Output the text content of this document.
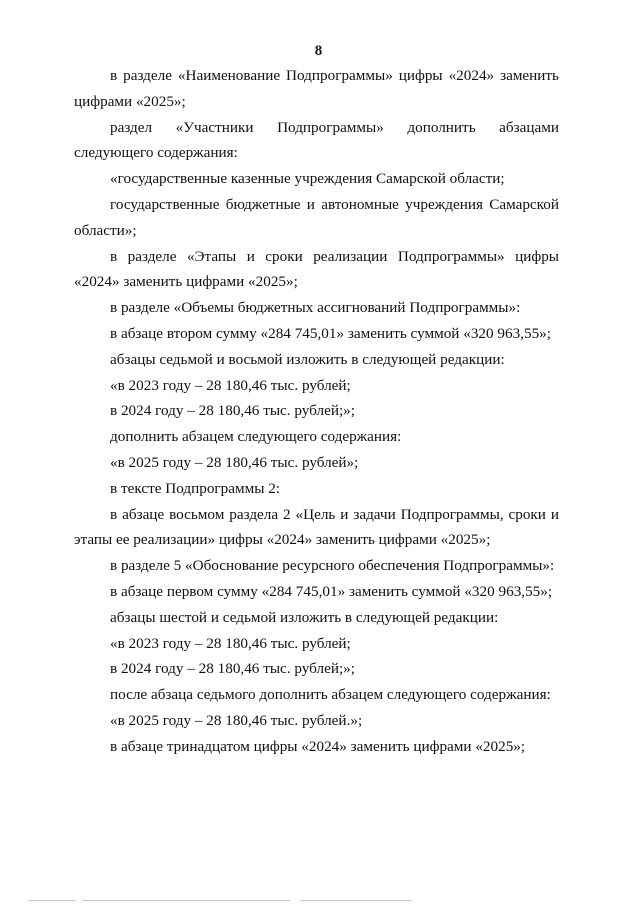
8

в разделе «Наименование Подпрограммы» цифры «2024» заменить цифрами «2025»;

раздел «Участники Подпрограммы» дополнить абзацами следующего содержания:

«государственные казенные учреждения Самарской области;

государственные бюджетные и автономные учреждения Самарской области»;

в разделе «Этапы и сроки реализации Подпрограммы» цифры «2024» заменить цифрами «2025»;

в разделе «Объемы бюджетных ассигнований Подпрограммы»:

в абзаце втором сумму «284 745,01» заменить суммой «320 963,55»;

абзацы седьмой и восьмой изложить в следующей редакции:

«в 2023 году – 28 180,46 тыс. рублей;

в 2024 году – 28 180,46 тыс. рублей;»;

дополнить абзацем следующего содержания:

«в 2025 году – 28 180,46 тыс. рублей»;

в тексте Подпрограммы 2:

в абзаце восьмом раздела 2 «Цель и задачи Подпрограммы, сроки и этапы ее реализации» цифры «2024» заменить цифрами «2025»;

в разделе 5 «Обоснование ресурсного обеспечения Подпрограммы»:

в абзаце первом сумму «284 745,01» заменить суммой «320 963,55»;

абзацы шестой и седьмой изложить в следующей редакции:

«в 2023 году – 28 180,46 тыс. рублей;

в 2024 году – 28 180,46 тыс. рублей;»;

после абзаца седьмого дополнить абзацем следующего содержания:

«в 2025 году – 28 180,46 тыс. рублей.»;

в абзаце тринадцатом цифры «2024» заменить цифрами «2025»;
